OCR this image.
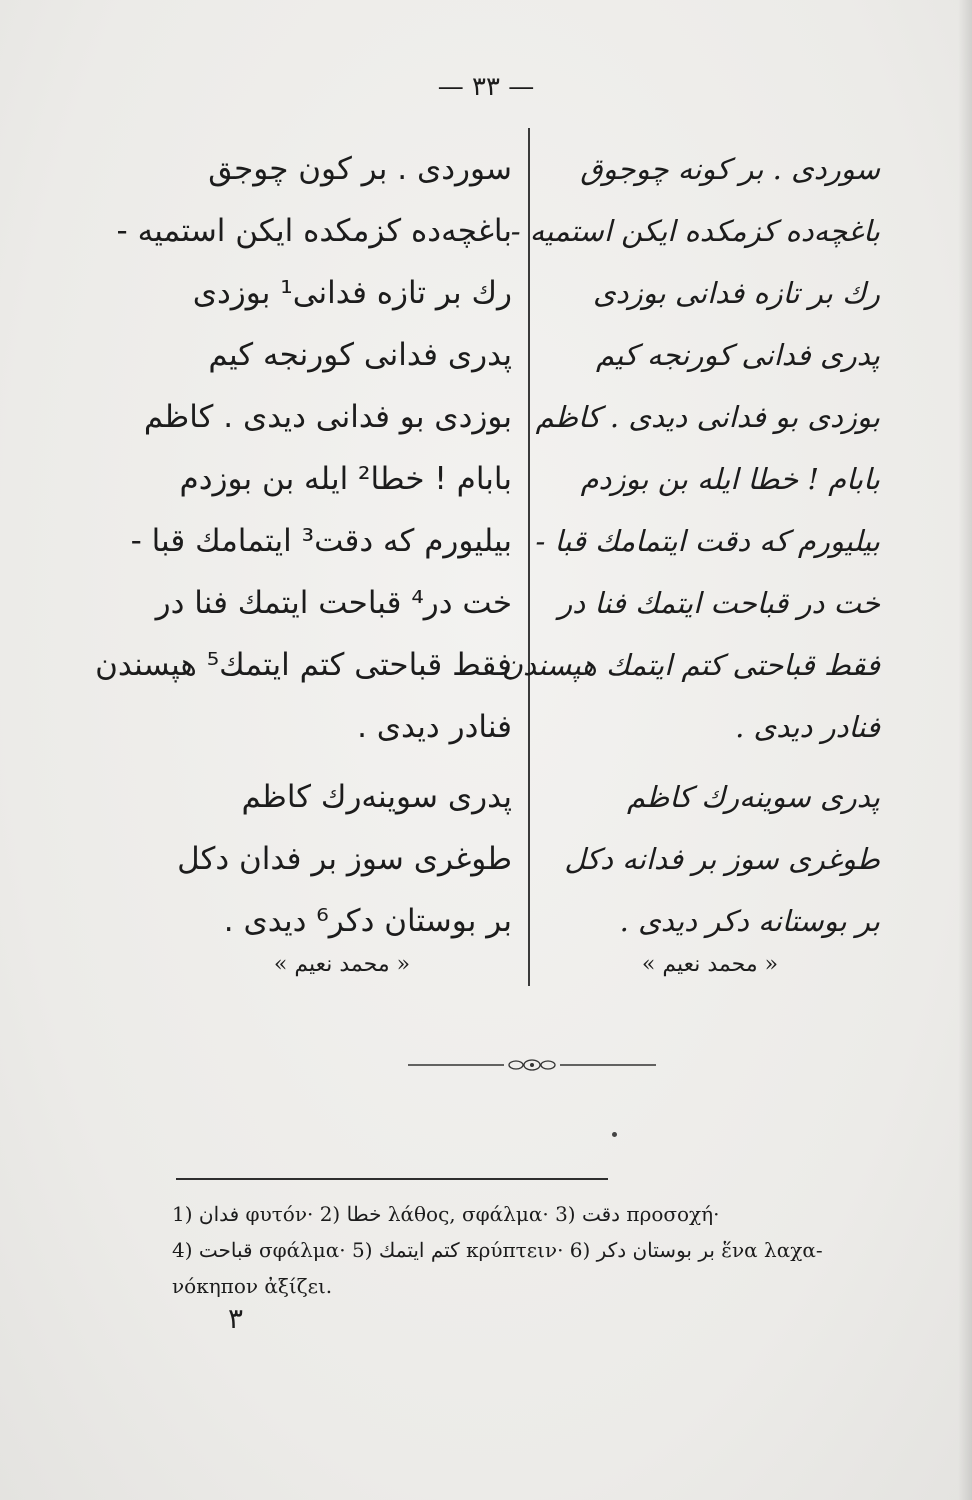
— ٣٣ —
سوردی . بر کون چوجق
باغچه‌ده کزمکده ایکن استمیه -
رك بر تازه فدانی¹ بوزدی
پدری فدانی کورنجه کیم
بوزدی بو فدانی دیدی . کاظم
بابام ! خطا² ایله بن بوزدم
بیلیورم که دقت³ ایتمامك قبا -
خت در⁴ قباحت ایتمك فنا در
فقط قباحتی کتم ایتمك⁵ هپسندن
فنادر دیدی .
پدری سوینه‌رك کاظم
طوغری سوز بر فدان دکل
بر بوستان دکر⁶ دیدی .
سوردی . بر کونه چوجوق
باغچه‌ده کزمکده ایکن استمیه -
رك بر تازه فدانی بوزدی
پدری فدانی کورنجه کیم
بوزدی بو فدانی دیدی . کاظم
بابام ! خطا ایله بن بوزدم
بیلیورم که دقت ایتمامك قبا -
خت در قباحت ایتمك فنا در
فقط قباحتی کتم ایتمك هپسندن
فنادر دیدی .
پدری سوینه‌رك کاظم
طوغری سوز بر فدانه دکل
بر بوستانه دکر دیدی .
« محمد نعیم »	« محمد نعیم »
1) فدان φυτόν· 2) خطا λάθος, σφάλμα· 3) دقت προσοχή·
4) قباحت σφάλμα· 5) کتم ایتمك κρύπτειν· 6) بر بوستان دکر ἕνα λαχα-
νόκηπον ἀξίζει.
٣
